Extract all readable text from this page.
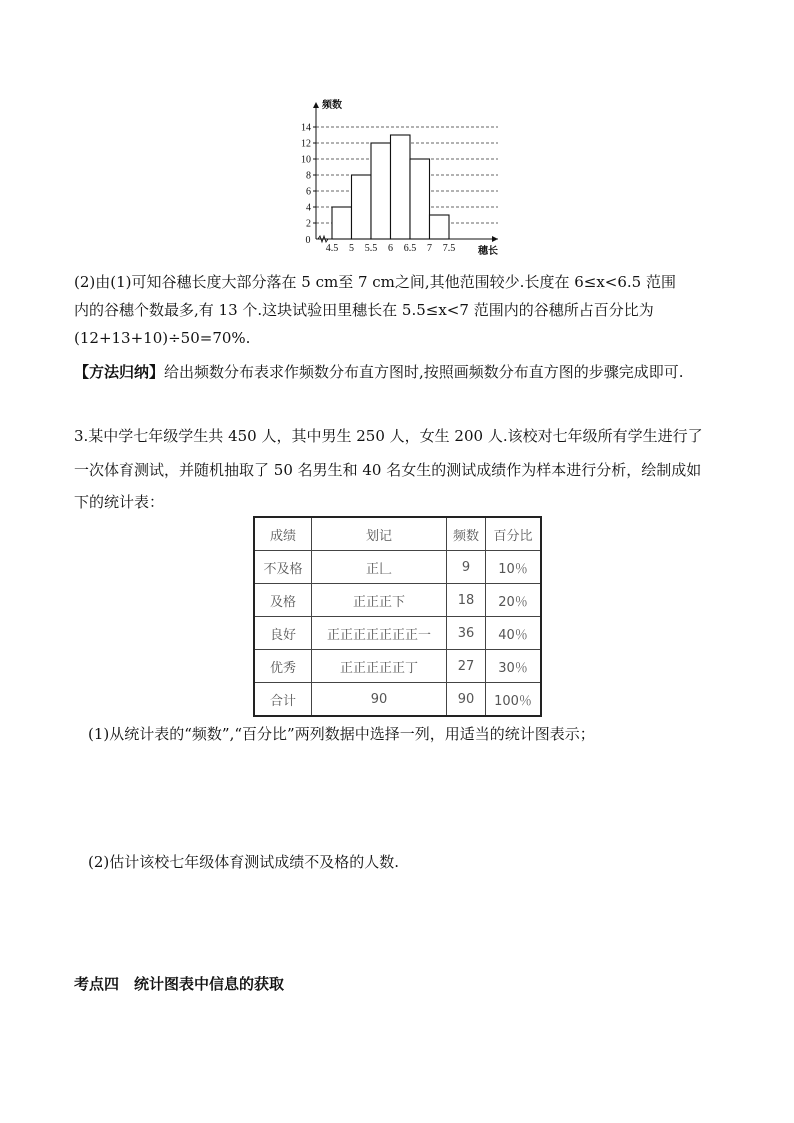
2
4
6
8
10
12
14
4.5 5 5.5 6 6.5 7 7.5
0
频数
穗长
(2)由(1)可知谷穗长度大部分落在 5 cm至 7 cm之间,其他范围较少.长度在 6≤x<6.5 范围
内的谷穗个数最多,有 13 个.这块试验田里穗长在 5.5≤x<7 范围内的谷穗所占百分比为
(12+13+10)÷50=70%.
【方法归纳】给出频数分布表求作频数分布直方图时,按照画频数分布直方图的步骤完成即可.
3.某中学七年级学生共 450 人，其中男生 250 人，女生 200 人.该校对七年级所有学生进行了
一次体育测试，并随机抽取了 50 名男生和 40 名女生的测试成绩作为样本进行分析，绘制成如
下的统计表：
成绩	划记	频数	百分比
不及格	正𠃊	9	10％
及格	正正正下	18	20％
良好	正正正正正正正一	36	40％
优秀	正正正正正丁	27	30％
合计	90	90	100％
(1)从统计表的“频数”,“百分比”两列数据中选择一列，用适当的统计图表示；
(2)估计该校七年级体育测试成绩不及格的人数.
考点四　统计图表中信息的获取
